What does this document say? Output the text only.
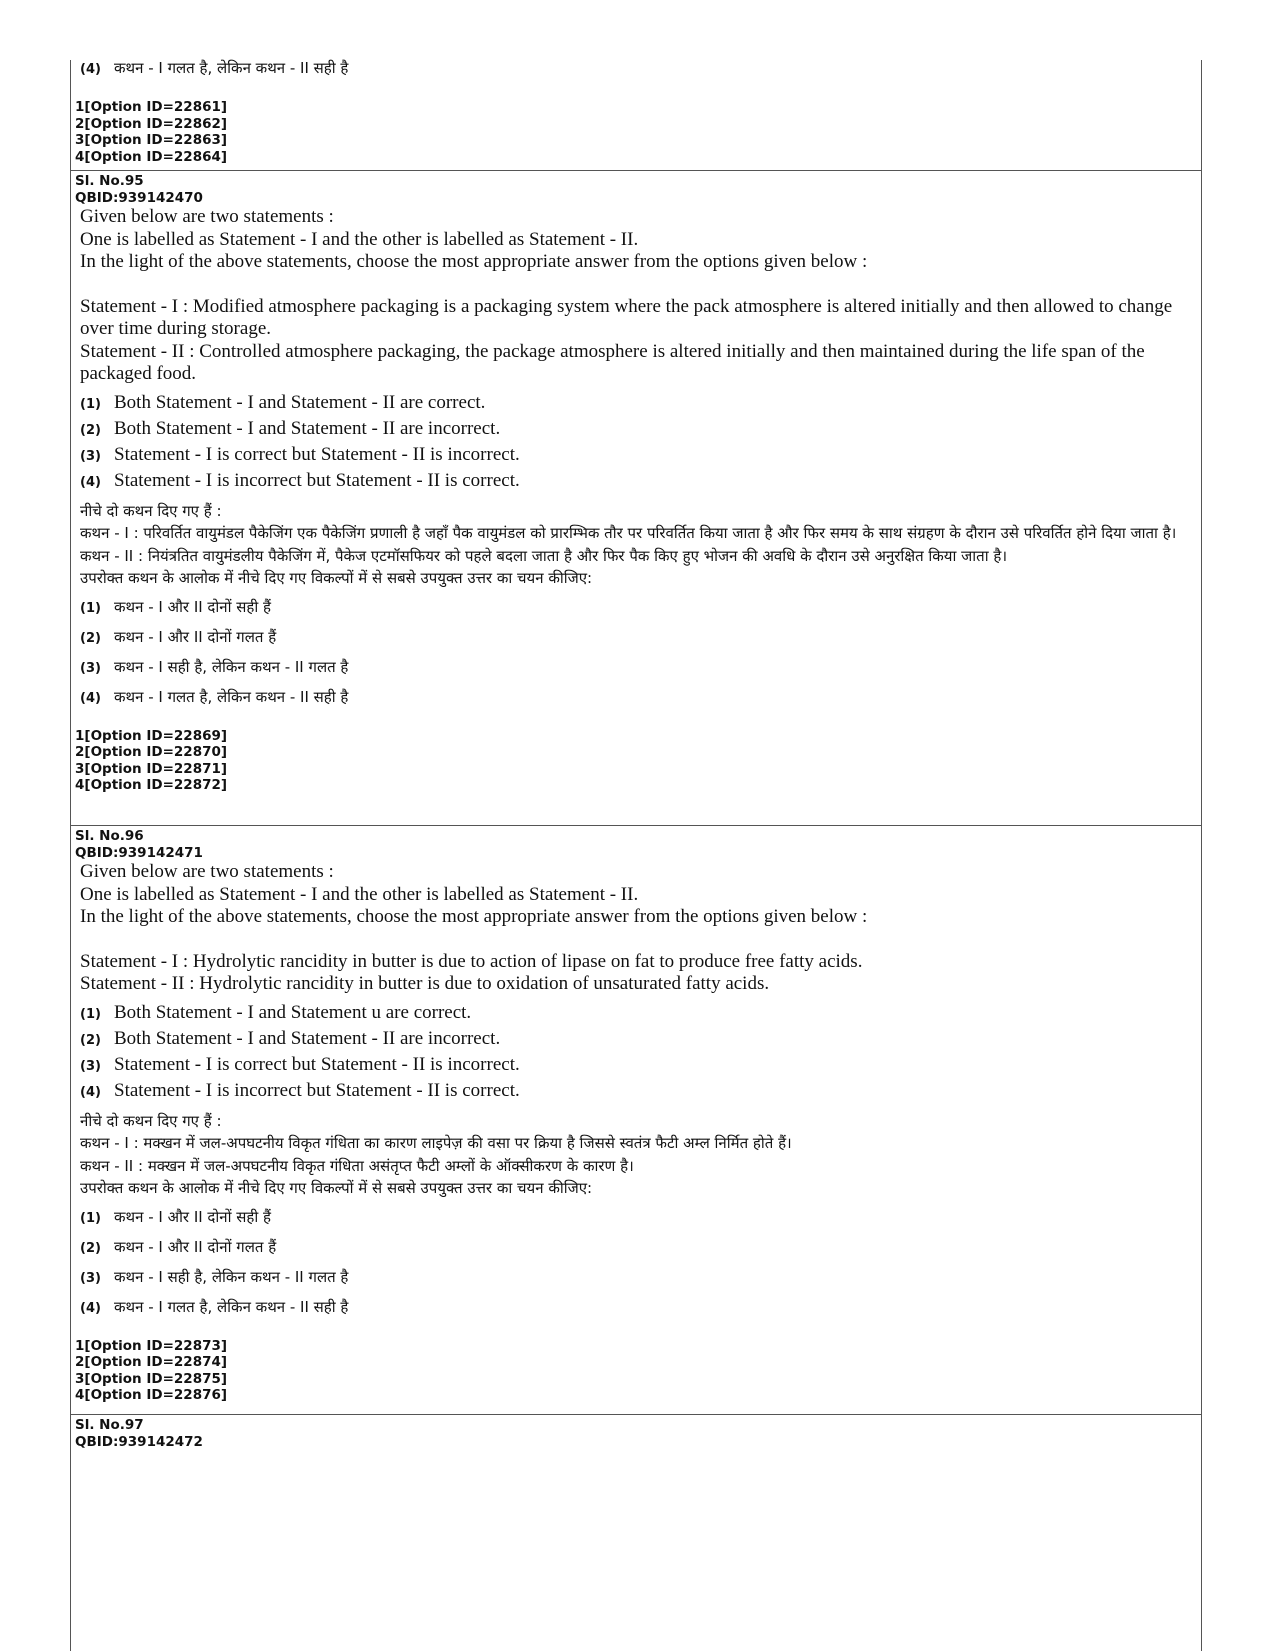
(4) कथन - I गलत है, लेकिन कथन - II सही है
1[Option ID=22861]
2[Option ID=22862]
3[Option ID=22863]
4[Option ID=22864]
Sl. No.95
QBID:939142470
Given below are two statements :
One is labelled as Statement - I and the other is labelled as Statement - II.
In the light of the above statements, choose the most appropriate answer from the options given below :
Statement - I : Modified atmosphere packaging is a packaging system where the pack atmosphere is altered initially and then allowed to change over time during storage.
Statement - II : Controlled atmosphere packaging, the package atmosphere is altered initially and then maintained during the life span of the packaged food.
(1) Both Statement - I and Statement - II are correct.
(2) Both Statement - I and Statement - II are incorrect.
(3) Statement - I is correct but Statement - II is incorrect.
(4) Statement - I is incorrect but Statement - II is correct.
नीचे दो कथन दिए गए हैं :
कथन - I : परिवर्तित वायुमंडल पैकेजिंग एक पैकेजिंग प्रणाली है जहाँ पैक वायुमंडल को प्रारम्भिक तौर पर परिवर्तित किया जाता है और फिर समय के साथ संग्रहण के दौरान उसे परिवर्तित होने दिया जाता है।
कथन - II : नियंत्रतित वायुमंडलीय पैकेजिंग में, पैकेज एटमॉसफियर को पहले बदला जाता है और फिर पैक किए हुए भोजन की अवधि के दौरान उसे अनुरक्षित किया जाता है।
उपरोक्त कथन के आलोक में नीचे दिए गए विकल्पों में से सबसे उपयुक्त उत्तर का चयन कीजिए:
(1) कथन - I और II दोनों सही हैं
(2) कथन - I और II दोनों गलत हैं
(3) कथन - I सही है, लेकिन कथन - II गलत है
(4) कथन - I गलत है, लेकिन कथन - II सही है
1[Option ID=22869]
2[Option ID=22870]
3[Option ID=22871]
4[Option ID=22872]
Sl. No.96
QBID:939142471
Given below are two statements :
One is labelled as Statement - I and the other is labelled as Statement - II.
In the light of the above statements, choose the most appropriate answer from the options given below :
Statement - I : Hydrolytic rancidity in butter is due to action of lipase on fat to produce free fatty acids.
Statement - II : Hydrolytic rancidity in butter is due to oxidation of unsaturated fatty acids.
(1) Both Statement - I and Statement u are correct.
(2) Both Statement - I and Statement - II are incorrect.
(3) Statement - I is correct but Statement - II is incorrect.
(4) Statement - I is incorrect but Statement - II is correct.
नीचे दो कथन दिए गए हैं :
कथन - I : मक्खन में जल-अपघटनीय विकृत गंधिता का कारण लाइपेज़ की वसा पर क्रिया है जिससे स्वतंत्र फैटी अम्ल निर्मित होते हैं।
कथन - II : मक्खन में जल-अपघटनीय विकृत गंधिता असंतृप्त फैटी अम्लों के ऑक्सीकरण के कारण है।
उपरोक्त कथन के आलोक में नीचे दिए गए विकल्पों में से सबसे उपयुक्त उत्तर का चयन कीजिए:
(1) कथन - I और II दोनों सही हैं
(2) कथन - I और II दोनों गलत हैं
(3) कथन - I सही है, लेकिन कथन - II गलत है
(4) कथन - I गलत है, लेकिन कथन - II सही है
1[Option ID=22873]
2[Option ID=22874]
3[Option ID=22875]
4[Option ID=22876]
Sl. No.97
QBID:939142472
